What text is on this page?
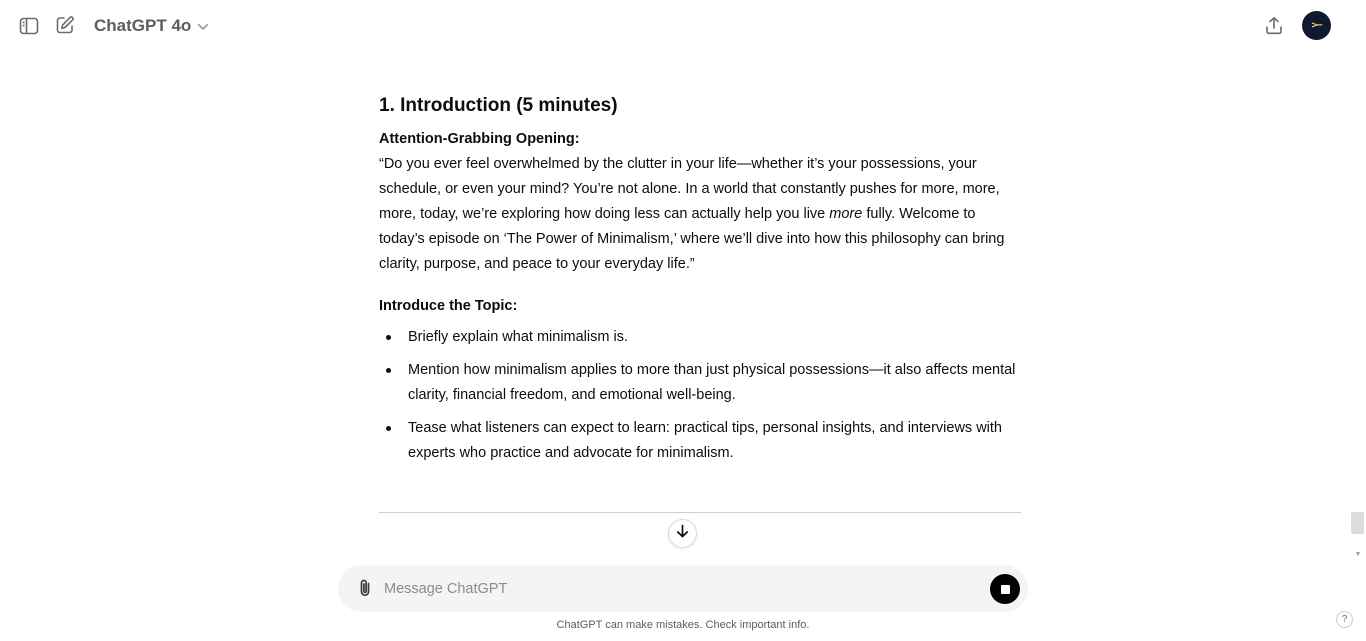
ChatGPT 4o	>−
1. Introduction (5 minutes)
Attention-Grabbing Opening:

“Do you ever feel overwhelmed by the clutter in your life—whether it’s your possessions, your schedule, or even your mind? You’re not alone. In a world that constantly pushes for more, more, more, today, we’re exploring how doing less can actually help you live more fully. Welcome to today’s episode on ‘The Power of Minimalism,’ where we’ll dive into how this philosophy can bring clarity, purpose, and peace to your everyday life.”

Introduce the Topic:
Briefly explain what minimalism is.
Mention how minimalism applies to more than just physical possessions—it also affects mental clarity, financial freedom, and emotional well-being.
Tease what listeners can expect to learn: practical tips, personal insights, and interviews with experts who practice and advocate for minimalism.
▼
Message ChatGPT
ChatGPT can make mistakes. Check important info.	?
